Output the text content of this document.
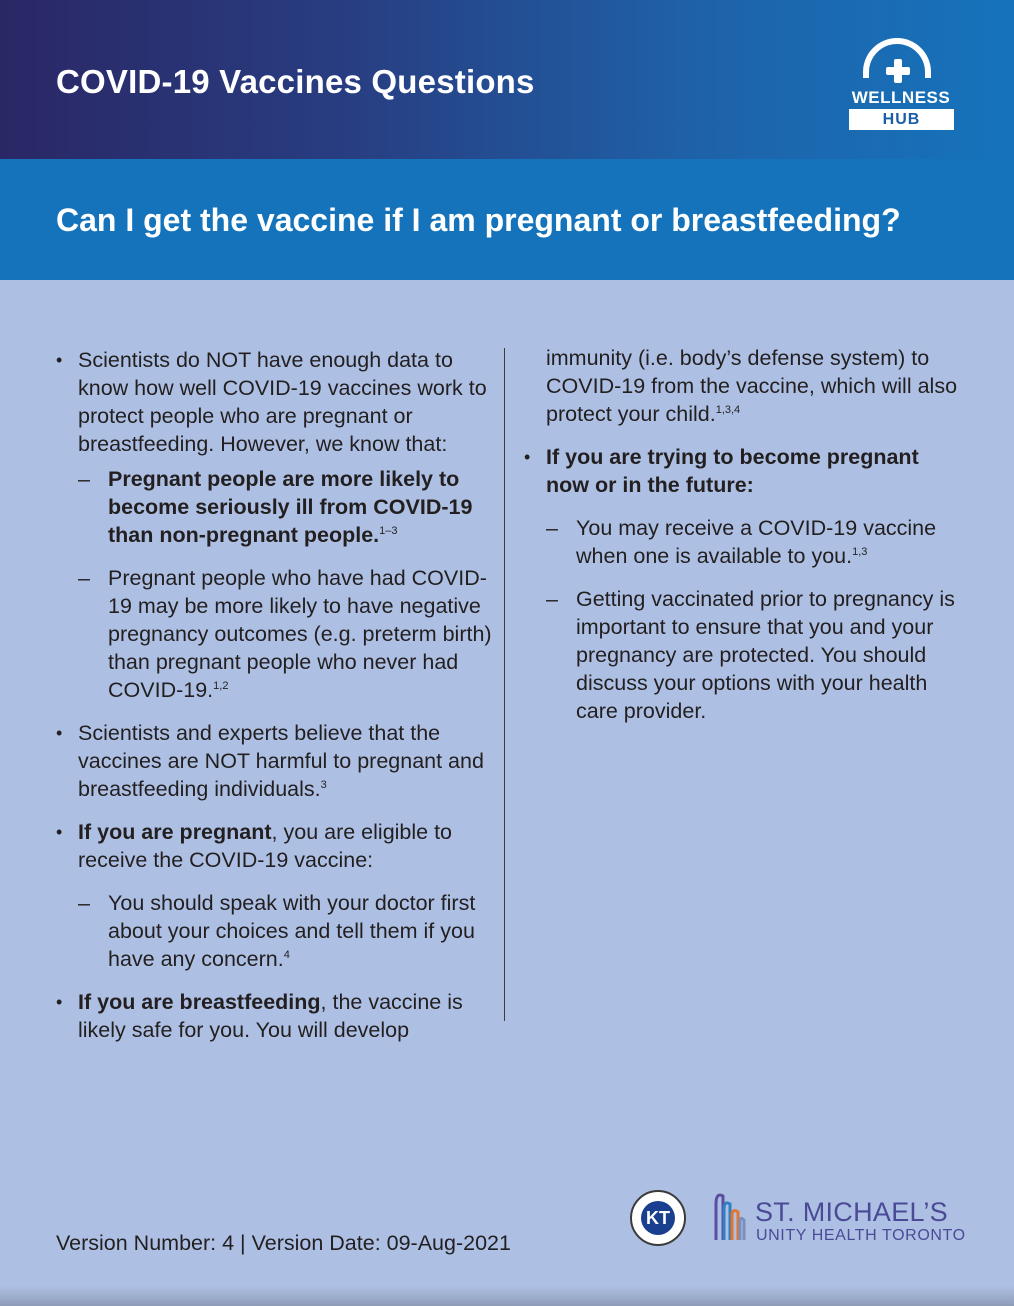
COVID-19 Vaccines Questions	WELLNESS
HUB
Can I get the vaccine if I am pregnant or breastfeeding?
• Scientists do NOT have enough data to know how well COVID-19 vaccines work to protect people who are pregnant or breastfeeding. However, we know that:
– Pregnant people are more likely to become seriously ill from COVID-19 than non-pregnant people.$^{1-3}$
– Pregnant people who have had COVID-19 may be more likely to have negative pregnancy outcomes (e.g. preterm birth) than pregnant people who never had COVID-19.$^{1,2}$
• Scientists and experts believe that the vaccines are NOT harmful to pregnant and breastfeeding individuals.$^3$
• If you are pregnant, you are eligible to receive the COVID-19 vaccine:
– You should speak with your doctor first about your choices and tell them if you have any concern.$^4$
• If you are breastfeeding, the vaccine is likely safe for you. You will develop
immunity (i.e. body’s defense system) to COVID-19 from the vaccine, which will also protect your child.$^{1,3,4}$
• If you are trying to become pregnant now or in the future:
– You may receive a COVID-19 vaccine when one is available to you.$^{1,3}$
– Getting vaccinated prior to pregnancy is important to ensure that you and your pregnancy are protected. You should discuss your options with your health care provider.
Version Number: 4 | Version Date: 09-Aug-2021
KT	ST. MICHAEL’S
UNITY HEALTH TORONTO
